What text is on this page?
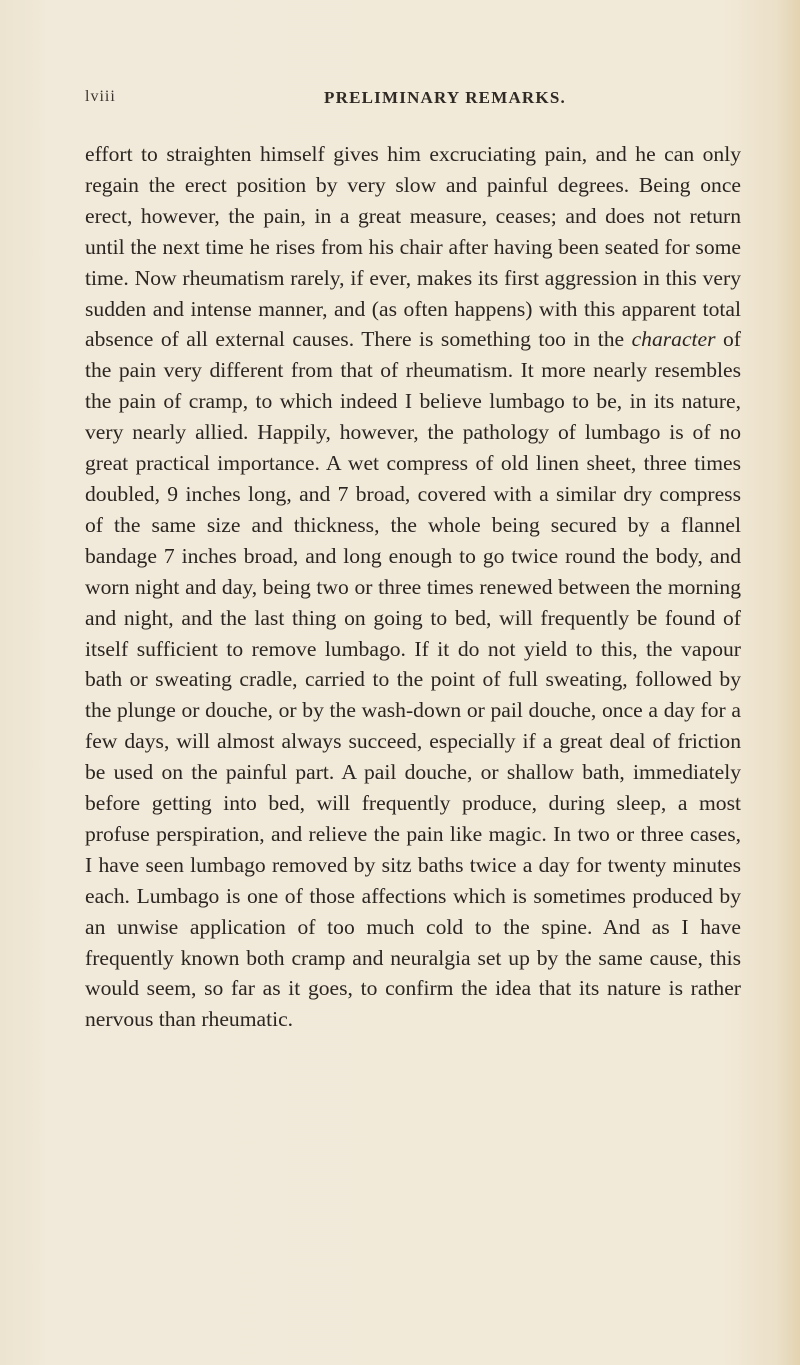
lviii	PRELIMINARY REMARKS.

effort to straighten himself gives him excruciating pain, and he can only regain the erect position by very slow and painful degrees. Being once erect, however, the pain, in a great measure, ceases; and does not return until the next time he rises from his chair after having been seated for some time. Now rheumatism rarely, if ever, makes its first aggression in this very sudden and intense manner, and (as often happens) with this apparent total absence of all external causes. There is something too in the character of the pain very different from that of rheumatism. It more nearly resembles the pain of cramp, to which indeed I believe lumbago to be, in its nature, very nearly allied. Happily, however, the pathology of lumbago is of no great practical importance. A wet compress of old linen sheet, three times doubled, 9 inches long, and 7 broad, covered with a similar dry compress of the same size and thickness, the whole being secured by a flannel bandage 7 inches broad, and long enough to go twice round the body, and worn night and day, being two or three times renewed between the morning and night, and the last thing on going to bed, will frequently be found of itself sufficient to remove lumbago. If it do not yield to this, the vapour bath or sweating cradle, carried to the point of full sweating, followed by the plunge or douche, or by the wash-down or pail douche, once a day for a few days, will almost always succeed, especially if a great deal of friction be used on the painful part. A pail douche, or shallow bath, immediately before getting into bed, will frequently produce, during sleep, a most profuse perspiration, and relieve the pain like magic. In two or three cases, I have seen lumbago removed by sitz baths twice a day for twenty minutes each. Lumbago is one of those affections which is sometimes produced by an unwise application of too much cold to the spine. And as I have frequently known both cramp and neuralgia set up by the same cause, this would seem, so far as it goes, to confirm the idea that its nature is rather nervous than rheumatic.
